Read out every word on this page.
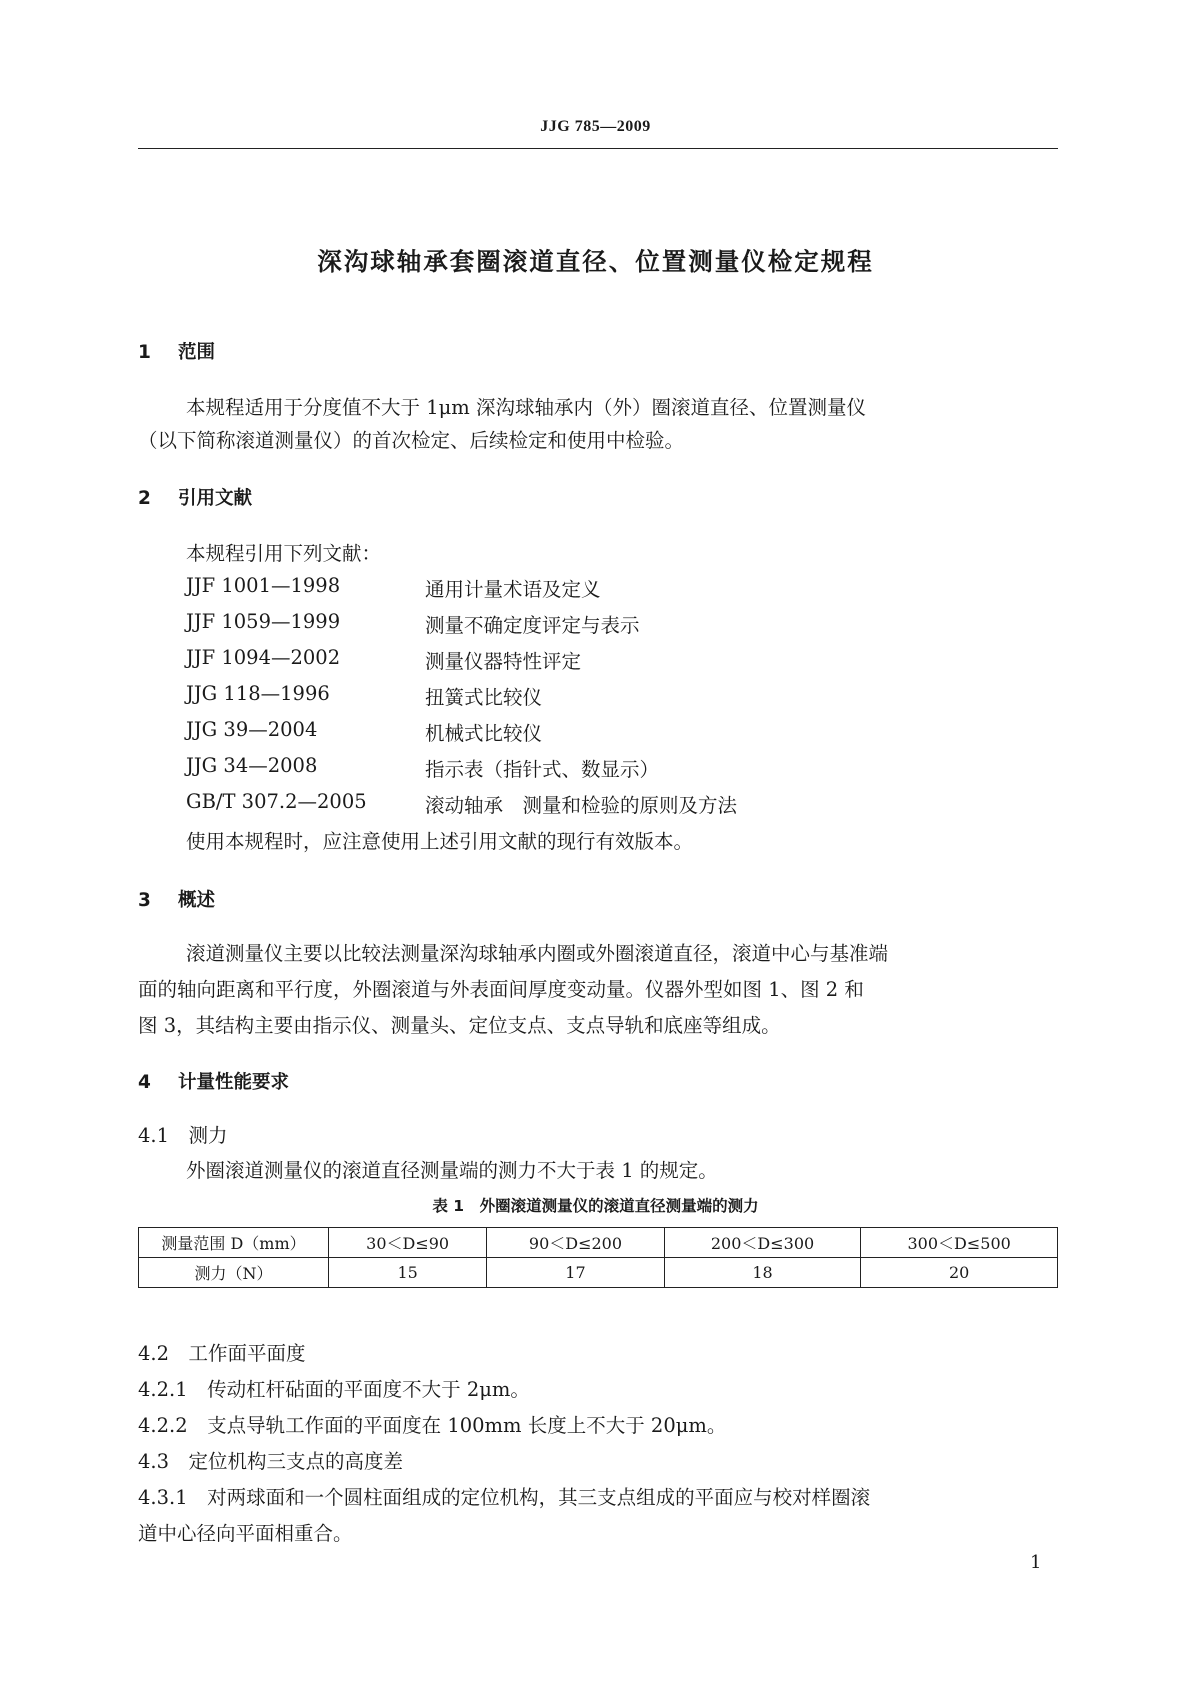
JJG 785—2009
深沟球轴承套圈滚道直径、位置测量仪检定规程
1 范围
本规程适用于分度值不大于 1μm 深沟球轴承内（外）圈滚道直径、位置测量仪
（以下简称滚道测量仪）的首次检定、后续检定和使用中检验。
2 引用文献
本规程引用下列文献：
JJF 1001—1998	通用计量术语及定义
JJF 1059—1999	测量不确定度评定与表示
JJF 1094—2002	测量仪器特性评定
JJG 118—1996	扭簧式比较仪
JJG 39—2004	机械式比较仪
JJG 34—2008	指示表（指针式、数显示）
GB/T 307.2—2005	滚动轴承　测量和检验的原则及方法
使用本规程时，应注意使用上述引用文献的现行有效版本。
3 概述
滚道测量仪主要以比较法测量深沟球轴承内圈或外圈滚道直径，滚道中心与基准端
面的轴向距离和平行度，外圈滚道与外表面间厚度变动量。仪器外型如图 1、图 2 和
图 3，其结构主要由指示仪、测量头、定位支点、支点导轨和底座等组成。
4 计量性能要求
4.1　 测力
外圈滚道测量仪的滚道直径测量端的测力不大于表 1 的规定。
表 1　外圈滚道测量仪的滚道直径测量端的测力
测量范围 D（mm）	30＜D≤90	90＜D≤200	200＜D≤300	300＜D≤500
测力（N）	15	17	18	20
4.2　 工作面平面度
4.2.1　 传动杠杆砧面的平面度不大于 2μm。
4.2.2　 支点导轨工作面的平面度在 100mm 长度上不大于 20μm。
4.3　 定位机构三支点的高度差
4.3.1　 对两球面和一个圆柱面组成的定位机构，其三支点组成的平面应与校对样圈滚
道中心径向平面相重合。
1
